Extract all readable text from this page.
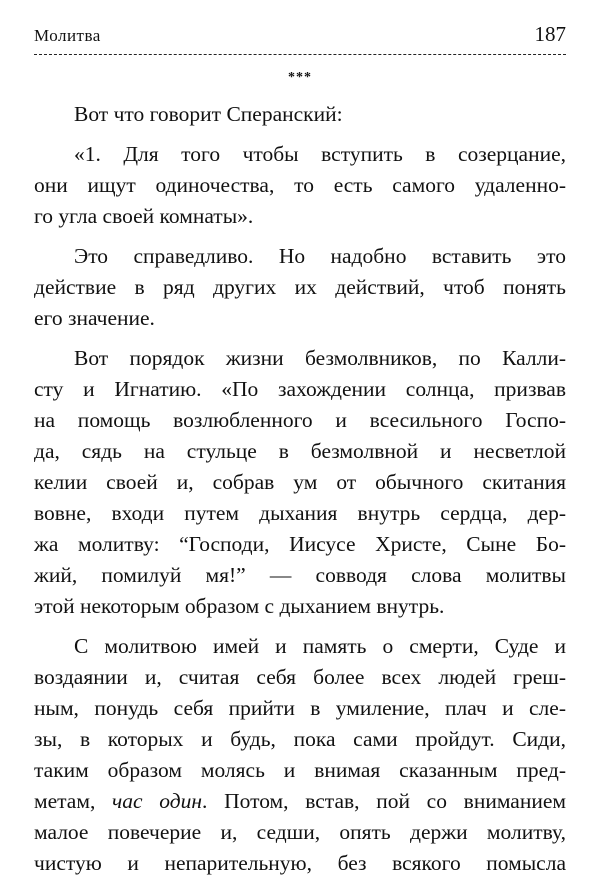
Молитва	187
***
Вот что говорит Сперанский:
«1. Для того чтобы вступить в созерцание,
они ищут одиночества, то есть самого удаленно-
го угла своей комнаты».
Это справедливо. Но надобно вставить это
действие в ряд других их действий, чтоб понять
его значение.
Вот порядок жизни безмолвников, по Калли-
сту и Игнатию. «По захождении солнца, призвав
на помощь возлюбленного и всесильного Госпо-
да, сядь на стульце в безмолвной и несветлой
келии своей и, собрав ум от обычного скитания
вовне, входи путем дыхания внутрь сердца, дер-
жа молитву: “Господи, Иисусе Христе, Сыне Бо-
жий, помилуй мя!” — совводя слова молитвы
этой некоторым образом с дыханием внутрь.
С молитвою имей и память о смерти, Суде и
воздаянии и, считая себя более всех людей греш-
ным, понудь себя прийти в умиление, плач и сле-
зы, в которых и будь, пока сами пройдут. Сиди,
таким образом молясь и внимая сказанным пред-
метам, час один. Потом, встав, пой со вниманием
малое повечерие и, седши, опять держи молитву,
чистую и непарительную, без всякого помысла
